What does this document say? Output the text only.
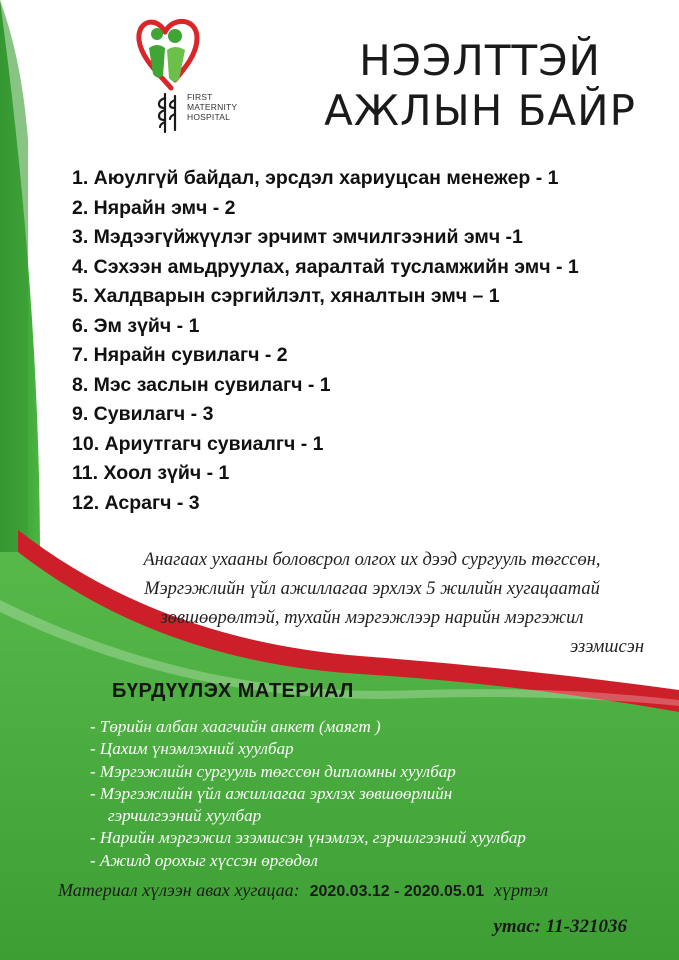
FIRST
MATERNITY
HOSPITAL
НЭЭЛТТЭЙ
АЖЛЫН БАЙР
1. Аюулгүй байдал, эрсдэл хариуцсан менежер - 1
2. Нярайн эмч - 2
3. Мэдээгүйжүүлэг эрчимт эмчилгээний эмч -1
4. Сэхээн амьдруулах, яаралтай тусламжийн эмч - 1
5. Халдварын сэргийлэлт, хяналтын эмч – 1
6. Эм зүйч - 1
7. Нярайн сувилагч - 2
8. Мэс заслын сувилагч - 1
9. Сувилагч - 3
10. Ариутгагч сувиалгч - 1
11. Хоол зүйч - 1
12. Асрагч - 3
Анагаах ухааны боловсрол олгох их дээд сургууль төгссөн,
Мэргэжлийн үйл ажиллагаа эрхлэх 5 жилийн хугацаатай
зөвшөөрөлтэй, тухайн мэргэжлээр нарийн мэргэжил
эзэмшсэн
БҮРДҮҮЛЭХ МАТЕРИАЛ
- Төрийн албан хаагчийн анкет (маягт )
- Цахим үнэмлэхний хуулбар
- Мэргэжлийн сургууль төгссөн дипломны хуулбар
- Мэргэжлийн үйл ажиллагаа эрхлэх зөвшөөрлийн
гэрчилгээний хуулбар
- Нарийн мэргэжил эзэмшсэн үнэмлэх, гэрчилгээний хуулбар
- Ажилд орохыг хүссэн өргөдөл
Материал хүлээн авах хугацаа: 2020.03.12 - 2020.05.01 хүртэл
утас: 11-321036
